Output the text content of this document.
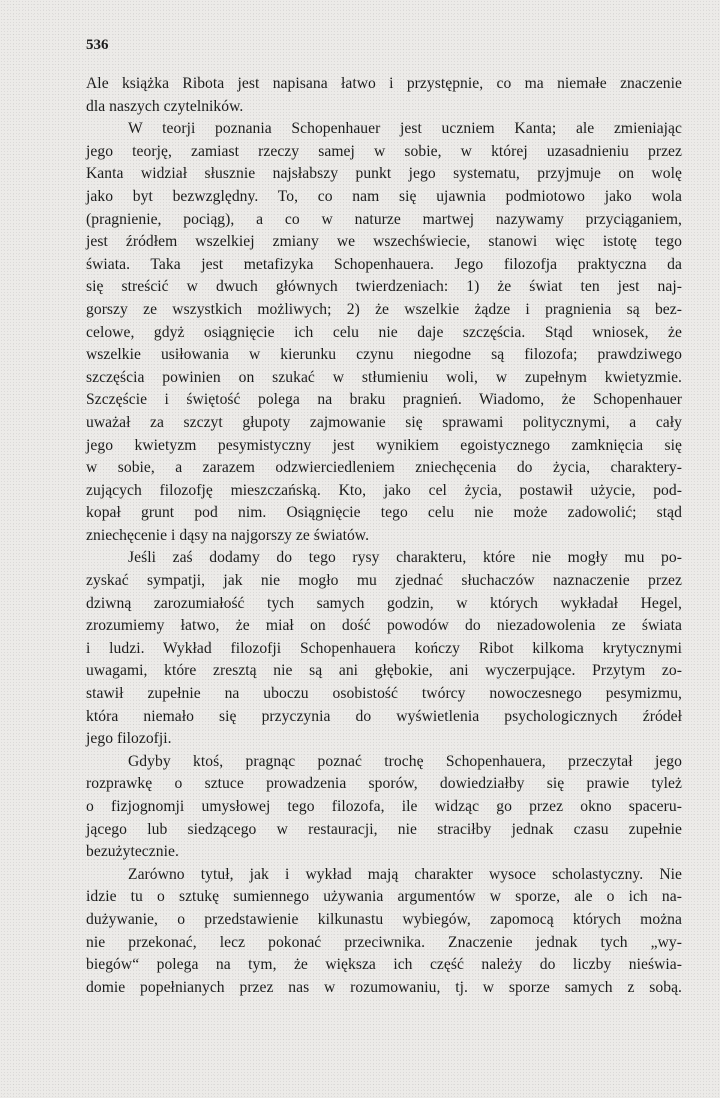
536
Ale książka Ribota jest napisana łatwo i przystępnie, co ma niemałe znaczenie
dla naszych czytelników.
W teorji poznania Schopenhauer jest uczniem Kanta; ale zmieniając
jego teorję, zamiast rzeczy samej w sobie, w której uzasadnieniu przez
Kanta widział słusznie najsłabszy punkt jego systematu, przyjmuje on wolę
jako byt bezwzględny. To, co nam się ujawnia podmiotowo jako wola
(pragnienie, pociąg), a co w naturze martwej nazywamy przyciąganiem,
jest źródłem wszelkiej zmiany we wszechświecie, stanowi więc istotę tego
świata. Taka jest metafizyka Schopenhauera. Jego filozofja praktyczna da
się streścić w dwuch głównych twierdzeniach: 1) że świat ten jest naj-
gorszy ze wszystkich możliwych; 2) że wszelkie żądze i pragnienia są bez-
celowe, gdyż osiągnięcie ich celu nie daje szczęścia. Stąd wniosek, że
wszelkie usiłowania w kierunku czynu niegodne są filozofa; prawdziwego
szczęścia powinien on szukać w stłumieniu woli, w zupełnym kwietyzmie.
Szczęście i świętość polega na braku pragnień. Wiadomo, że Schopenhauer
uważał za szczyt głupoty zajmowanie się sprawami politycznymi, a cały
jego kwietyzm pesymistyczny jest wynikiem egoistycznego zamknięcia się
w sobie, a zarazem odzwierciedleniem zniechęcenia do życia, charaktery-
zujących filozofję mieszczańską. Kto, jako cel życia, postawił użycie, pod-
kopał grunt pod nim. Osiągnięcie tego celu nie może zadowolić; stąd
zniechęcenie i dąsy na najgorszy ze światów.
Jeśli zaś dodamy do tego rysy charakteru, które nie mogły mu po-
zyskać sympatji, jak nie mogło mu zjednać słuchaczów naznaczenie przez
dziwną zarozumiałość tych samych godzin, w których wykładał Hegel,
zrozumiemy łatwo, że miał on dość powodów do niezadowolenia ze świata
i ludzi. Wykład filozofji Schopenhauera kończy Ribot kilkoma krytycznymi
uwagami, które zresztą nie są ani głębokie, ani wyczerpujące. Przytym zo-
stawił zupełnie na uboczu osobistość twórcy nowoczesnego pesymizmu,
która niemało się przyczynia do wyświetlenia psychologicznych źródeł
jego filozofji.
Gdyby ktoś, pragnąc poznać trochę Schopenhauera, przeczytał jego
rozprawkę o sztuce prowadzenia sporów, dowiedziałby się prawie tyleż
o fizjognomji umysłowej tego filozofa, ile widząc go przez okno spaceru-
jącego lub siedzącego w restauracji, nie straciłby jednak czasu zupełnie
bezużytecznie.
Zarówno tytuł, jak i wykład mają charakter wysoce scholastyczny. Nie
idzie tu o sztukę sumiennego używania argumentów w sporze, ale o ich na-
dużywanie, o przedstawienie kilkunastu wybiegów, zapomocą których można
nie przekonać, lecz pokonać przeciwnika. Znaczenie jednak tych „wy-
biegów“ polega na tym, że większa ich część należy do liczby nieświa-
domie popełnianych przez nas w rozumowaniu, tj. w sporze samych z sobą.
